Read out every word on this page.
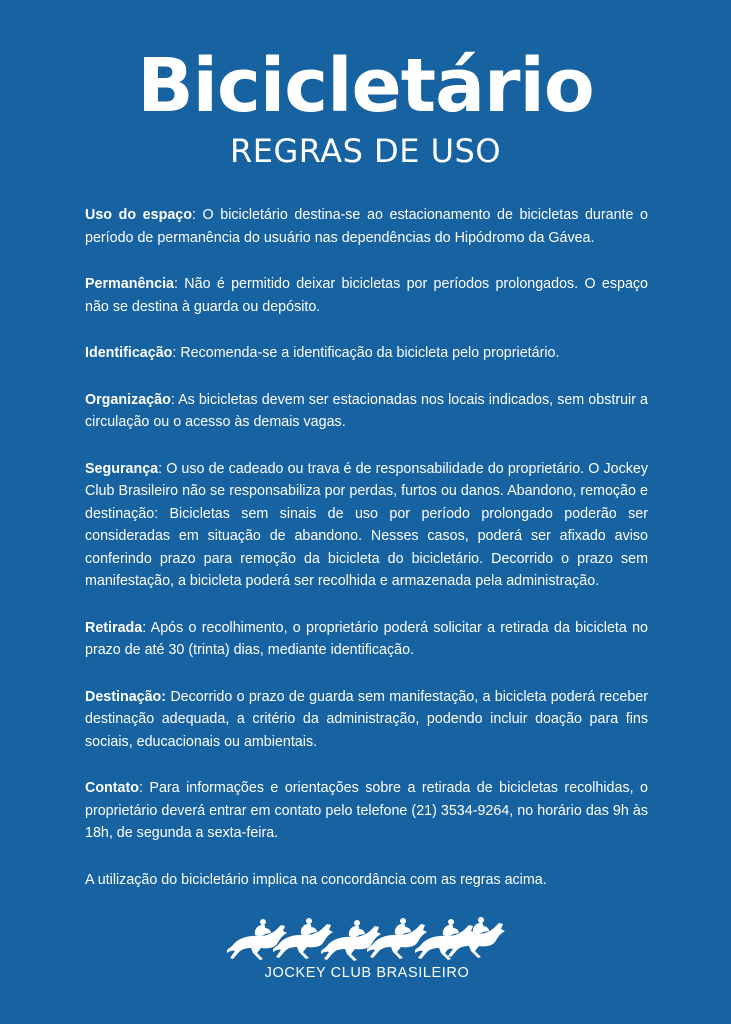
Bicicletário
REGRAS DE USO

Uso do espaço: O bicicletário destina-se ao estacionamento de bicicletas durante o período de permanência do usuário nas dependências do Hipódromo da Gávea.

Permanência: Não é permitido deixar bicicletas por períodos prolongados. O espaço não se destina à guarda ou depósito.

Identificação: Recomenda-se a identificação da bicicleta pelo proprietário.

Organização: As bicicletas devem ser estacionadas nos locais indicados, sem obstruir a circulação ou o acesso às demais vagas.

Segurança: O uso de cadeado ou trava é de responsabilidade do proprietário. O Jockey Club Brasileiro não se responsabiliza por perdas, furtos ou danos. Abandono, remoção e destinação: Bicicletas sem sinais de uso por período prolongado poderão ser consideradas em situação de abandono. Nesses casos, poderá ser afixado aviso conferindo prazo para remoção da bicicleta do bicicletário. Decorrido o prazo sem manifestação, a bicicleta poderá ser recolhida e armazenada pela administração.

Retirada: Após o recolhimento, o proprietário poderá solicitar a retirada da bicicleta no prazo de até 30 (trinta) dias, mediante identificação.

Destinação: Decorrido o prazo de guarda sem manifestação, a bicicleta poderá receber destinação adequada, a critério da administração, podendo incluir doação para fins sociais, educacionais ou ambientais.

Contato: Para informações e orientações sobre a retirada de bicicletas recolhidas, o proprietário deverá entrar em contato pelo telefone (21) 3534-9264, no horário das 9h às 18h, de segunda a sexta-feira.

A utilização do bicicletário implica na concordância com as regras acima.

JOCKEY CLUB BRASILEIRO
